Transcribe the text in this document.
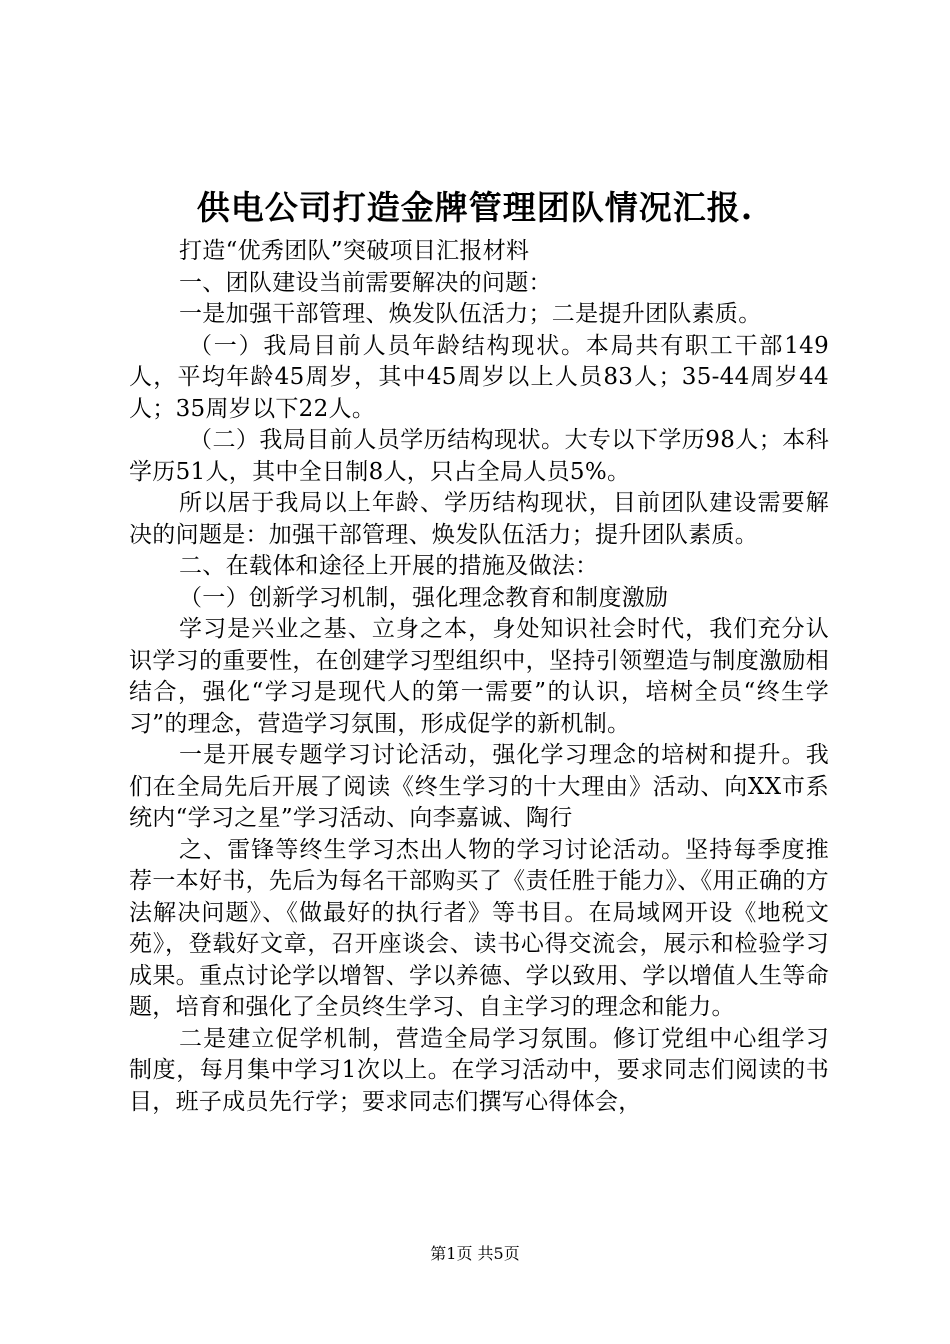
供电公司打造金牌管理团队情况汇报.

打造“优秀团队”突破项目汇报材料

一、团队建设当前需要解决的问题：

一是加强干部管理、焕发队伍活力；二是提升团队素质。

（一）我局目前人员年龄结构现状。本局共有职工干部149人，平均年龄45周岁，其中45周岁以上人员83人；35-44周岁44人；35周岁以下22人。

（二）我局目前人员学历结构现状。大专以下学历98人；本科学历51人，其中全日制8人，只占全局人员5%。

所以居于我局以上年龄、学历结构现状，目前团队建设需要解决的问题是：加强干部管理、焕发队伍活力；提升团队素质。

二、在载体和途径上开展的措施及做法：

（一）创新学习机制，强化理念教育和制度激励

学习是兴业之基、立身之本，身处知识社会时代，我们充分认识学习的重要性，在创建学习型组织中，坚持引领塑造与制度激励相结合，强化“学习是现代人的第一需要”的认识，培树全员“终生学习”的理念，营造学习氛围，形成促学的新机制。

一是开展专题学习讨论活动，强化学习理念的培树和提升。我们在全局先后开展了阅读《终生学习的十大理由》活动、向XX市系统内“学习之星”学习活动、向李嘉诚、陶行

之、雷锋等终生学习杰出人物的学习讨论活动。坚持每季度推荐一本好书，先后为每名干部购买了《责任胜于能力》、《用正确的方法解决问题》、《做最好的执行者》等书目。在局域网开设《地税文苑》，登载好文章，召开座谈会、读书心得交流会，展示和检验学习成果。重点讨论学以增智、学以养德、学以致用、学以增值人生等命题，培育和强化了全员终生学习、自主学习的理念和能力。

二是建立促学机制，营造全局学习氛围。修订党组中心组学习制度，每月集中学习1次以上。在学习活动中，要求同志们阅读的书目，班子成员先行学；要求同志们撰写心得体会，

第1页 共5页
